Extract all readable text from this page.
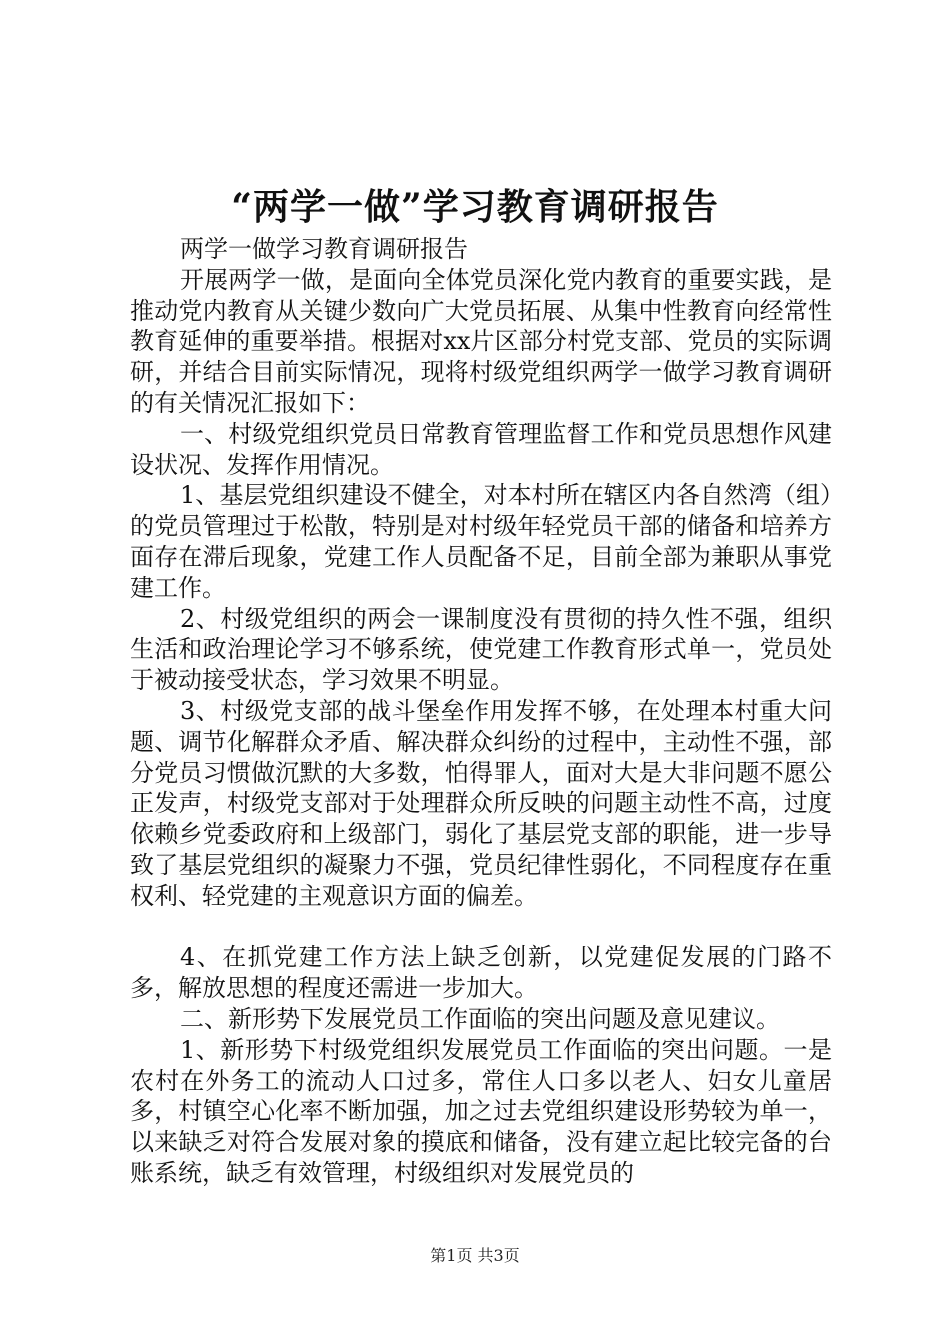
“两学一做”学习教育调研报告

两学一做学习教育调研报告

开展两学一做，是面向全体党员深化党内教育的重要实践，是推动党内教育从关键少数向广大党员拓展、从集中性教育向经常性教育延伸的重要举措。根据对xx片区部分村党支部、党员的实际调研，并结合目前实际情况，现将村级党组织两学一做学习教育调研的有关情况汇报如下：

一、村级党组织党员日常教育管理监督工作和党员思想作风建设状况、发挥作用情况。

1、基层党组织建设不健全，对本村所在辖区内各自然湾（组）的党员管理过于松散，特别是对村级年轻党员干部的储备和培养方面存在滞后现象，党建工作人员配备不足，目前全部为兼职从事党建工作。

2、村级党组织的两会一课制度没有贯彻的持久性不强，组织生活和政治理论学习不够系统，使党建工作教育形式单一，党员处于被动接受状态，学习效果不明显。

3、村级党支部的战斗堡垒作用发挥不够，在处理本村重大问题、调节化解群众矛盾、解决群众纠纷的过程中，主动性不强，部分党员习惯做沉默的大多数，怕得罪人，面对大是大非问题不愿公正发声，村级党支部对于处理群众所反映的问题主动性不高，过度依赖乡党委政府和上级部门，弱化了基层党支部的职能，进一步导致了基层党组织的凝聚力不强，党员纪律性弱化，不同程度存在重权利、轻党建的主观意识方面的偏差。

4、在抓党建工作方法上缺乏创新，以党建促发展的门路不多，解放思想的程度还需进一步加大。

二、新形势下发展党员工作面临的突出问题及意见建议。

1、新形势下村级党组织发展党员工作面临的突出问题。一是农村在外务工的流动人口过多，常住人口多以老人、妇女儿童居多，村镇空心化率不断加强，加之过去党组织建设形势较为单一，以来缺乏对符合发展对象的摸底和储备，没有建立起比较完备的台账系统，缺乏有效管理，村级组织对发展党员的

第1页 共3页
